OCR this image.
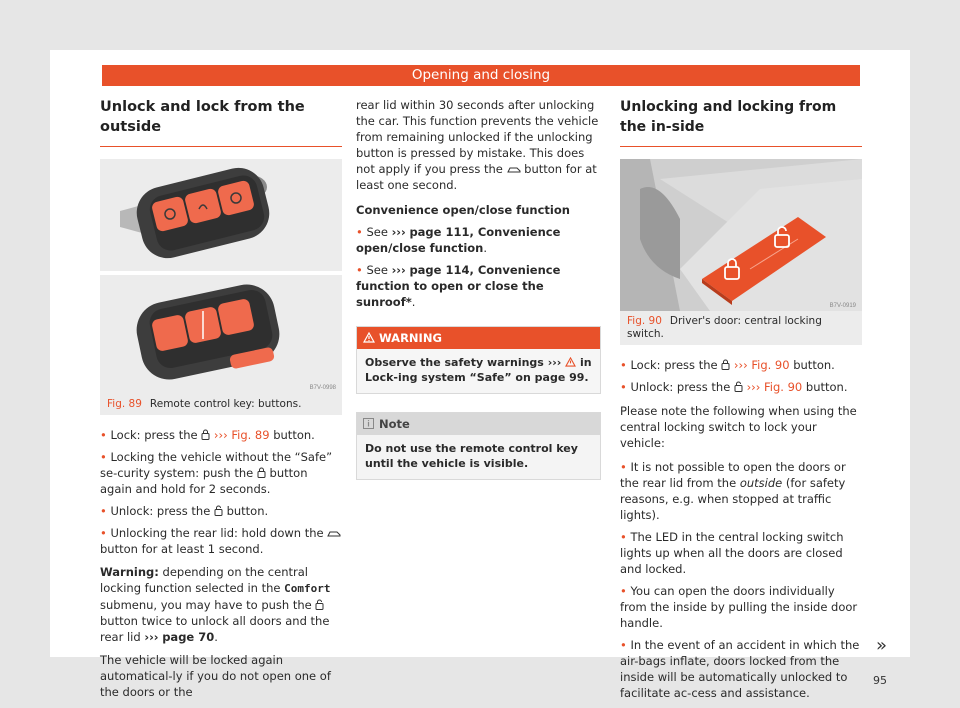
Opening and closing
Unlock and lock from the outside
B7V-0998
Fig. 89 Remote control key: buttons.

• Lock: press the ››› Fig. 89 button.

• Locking the vehicle without the “Safe” se-curity system: push the button again and hold for 2 seconds.

• Unlock: press the button.

• Unlocking the rear lid: hold down the  button for at least 1 second.

Warning: depending on the central locking function selected in the Comfort submenu, you may have to push the  button twice to unlock all doors and the rear lid ››› page 70.

The vehicle will be locked again automatical-ly if you do not open one of the doors or the

rear lid within 30 seconds after unlocking the car. This function prevents the vehicle from remaining unlocked if the unlocking button is pressed by mistake. This does not apply if you press the button for at least one second.

Convenience open/close function

• See ››› page 111, Convenience open/close function.

• See ››› page 114, Convenience function to open or close the sunroof*.

WARNING
Observe the safety warnings ››› in Lock-ing system “Safe” on page 99.
Note
Do not use the remote control key until the vehicle is visible.
Unlocking and locking from the in-side
B7V-0919
Fig. 90 Driver's door: central locking switch.

• Lock: press the ››› Fig. 90 button.

• Unlock: press the ››› Fig. 90 button.

Please note the following when using the central locking switch to lock your vehicle:

• It is not possible to open the doors or the rear lid from the outside (for safety reasons, e.g. when stopped at traffic lights).

• The LED in the central locking switch lights up when all the doors are closed and locked.

• You can open the doors individually from the inside by pulling the inside door handle.

• In the event of an accident in which the air-bags inflate, doors locked from the inside will be automatically unlocked to facilitate ac-cess and assistance.

»
95
